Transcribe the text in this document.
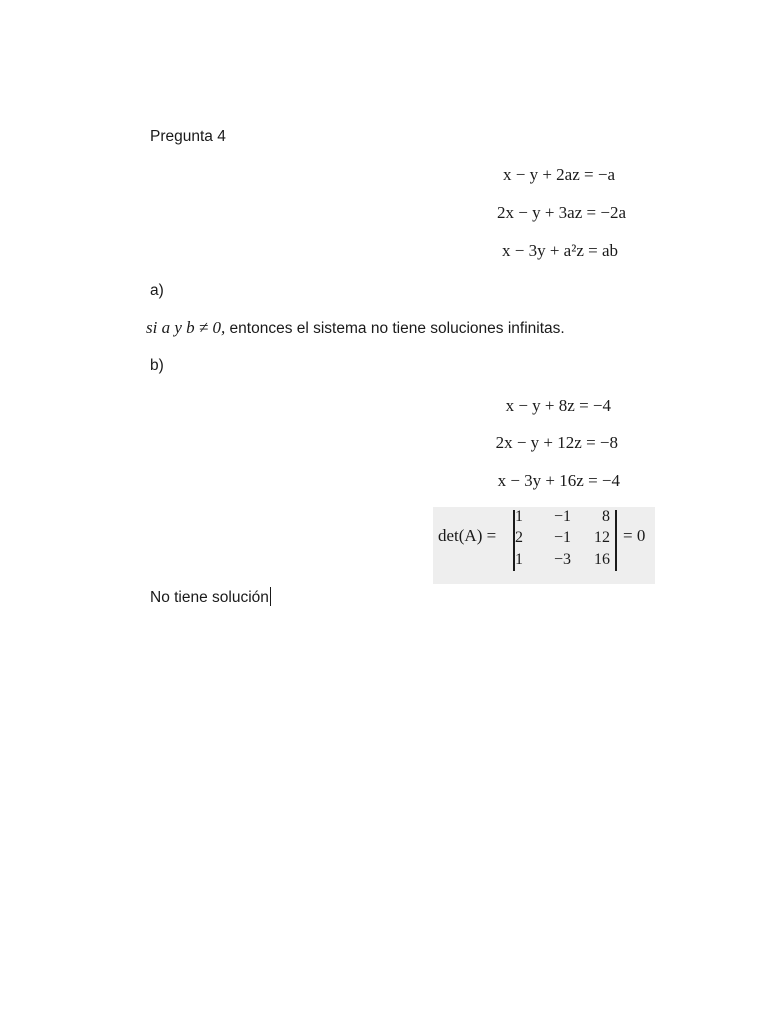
Pregunta 4
x − y + 2az = −a
2x − y + 3az = −2a
x − 3y + a²z = ab
a)
si a y b ≠ 0, entonces el sistema no tiene soluciones infinitas.
b)
x − y + 8z = −4
2x − y + 12z = −8
x − 3y + 16z = −4
det(A) =
1	−1	8
2	−1	12
1	−3	16
= 0
No tiene solución
